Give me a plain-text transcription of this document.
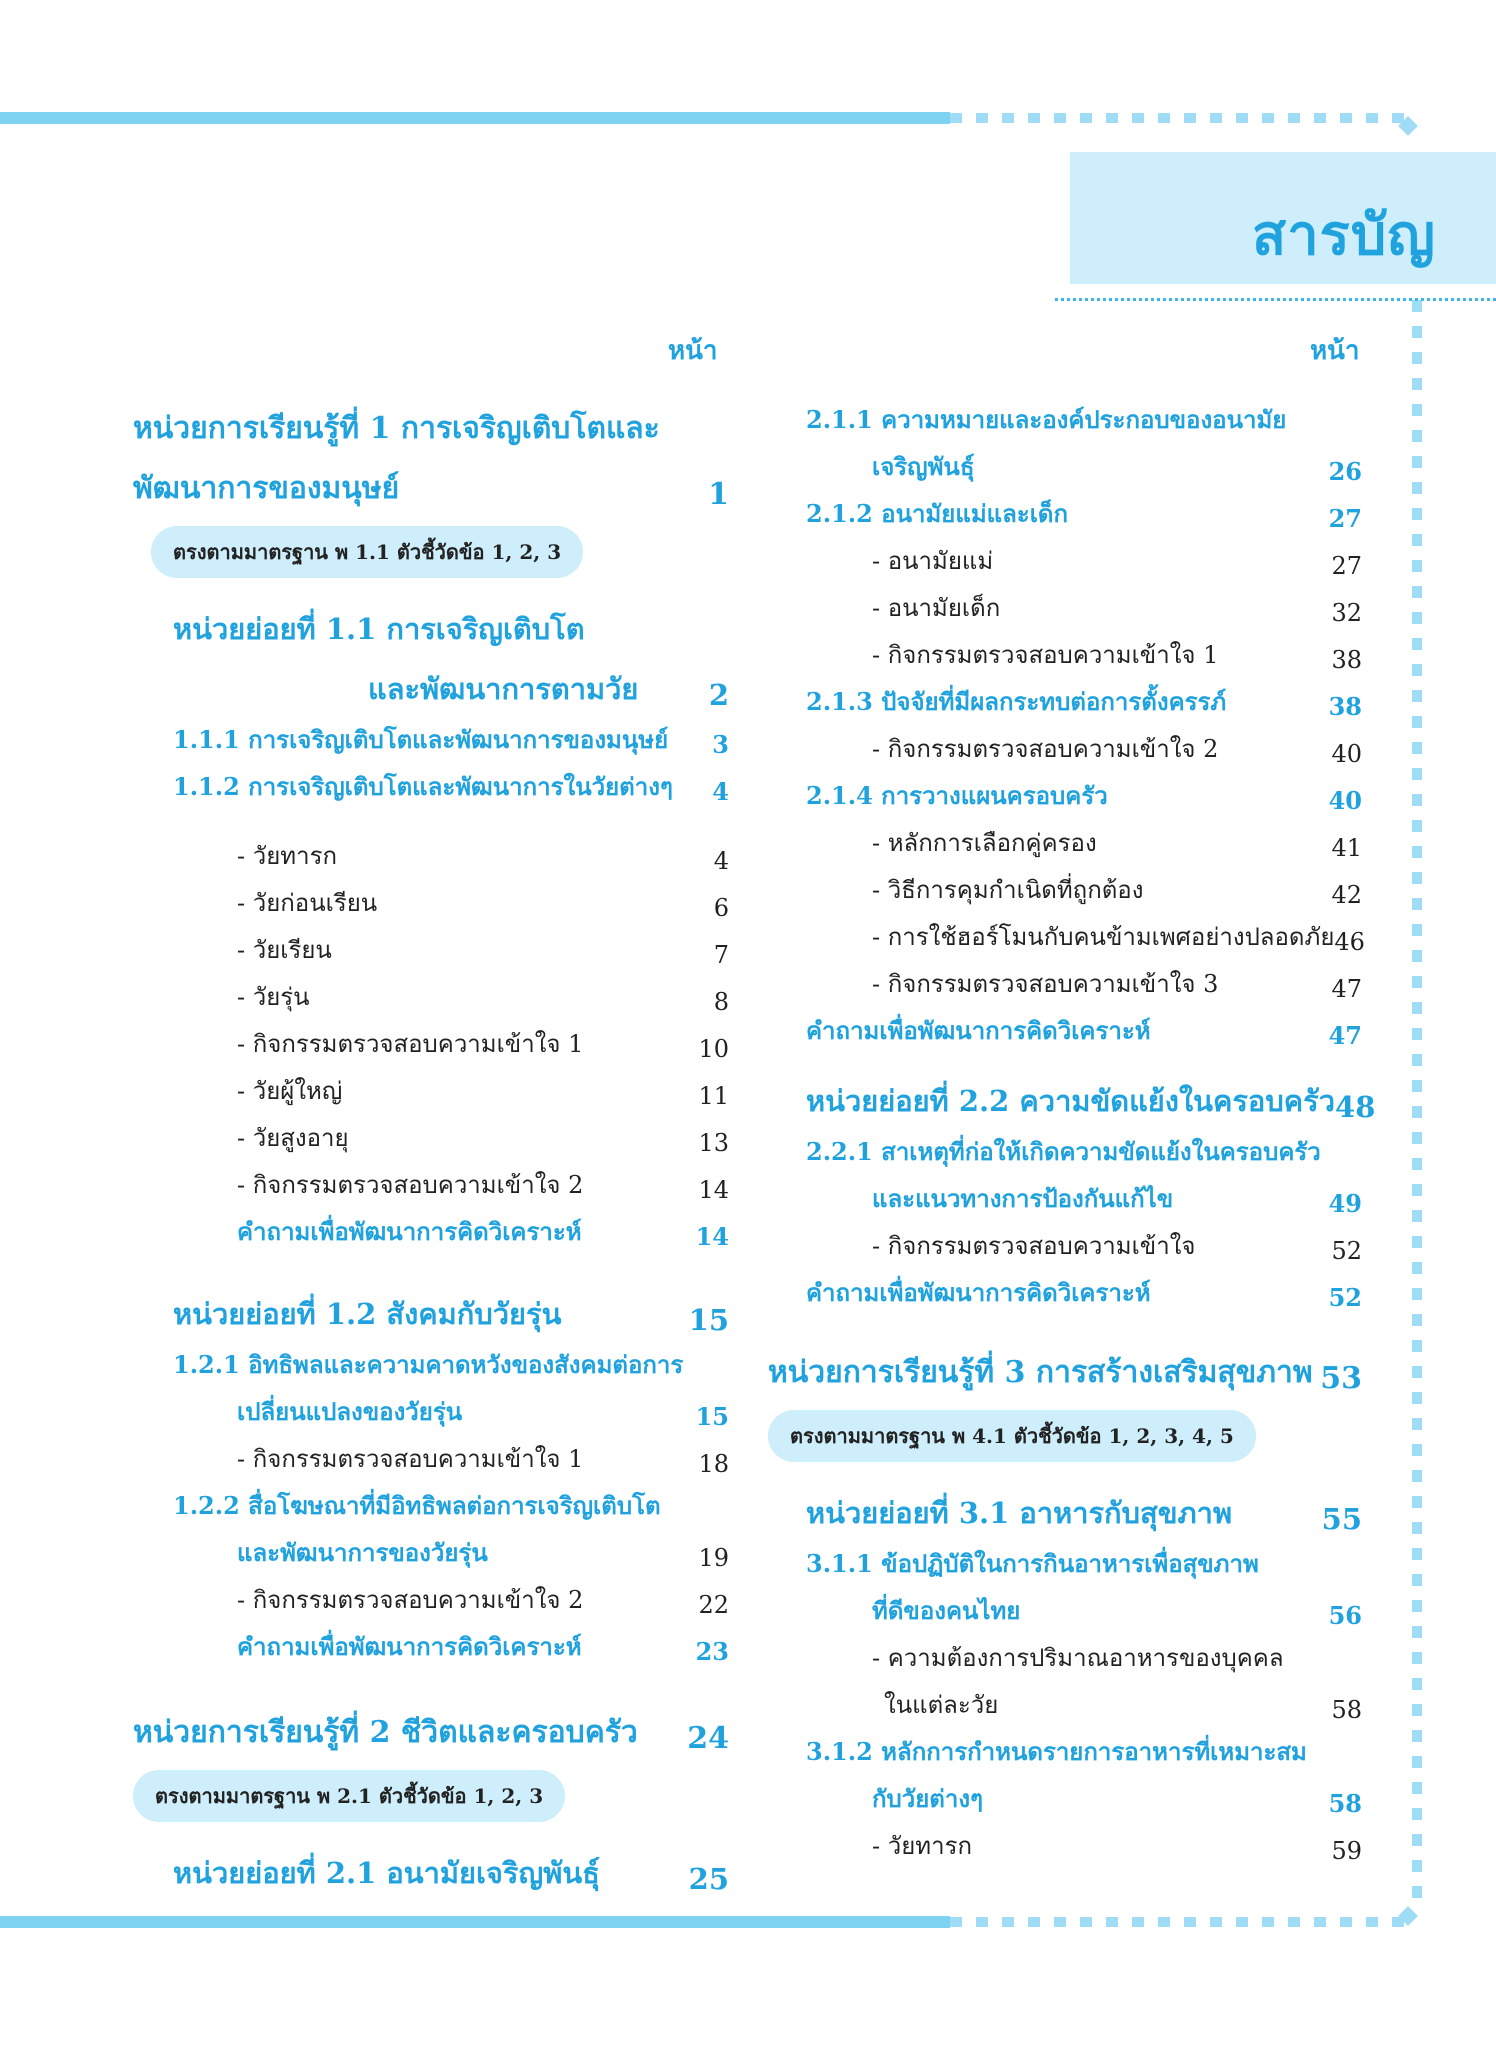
สารบัญ
หน้า	หน้า
หน่วยการเรียนรู้ที่ 1 การเจริญเติบโตและ
พัฒนาการของมนุษย์	1
ตรงตามมาตรฐาน พ 1.1 ตัวชี้วัดข้อ 1, 2, 3
หน่วยย่อยที่ 1.1 การเจริญเติบโต
และพัฒนาการตามวัย	2
1.1.1 การเจริญเติบโตและพัฒนาการของมนุษย์	3
1.1.2 การเจริญเติบโตและพัฒนาการในวัยต่างๆ	4
- วัยทารก	4
- วัยก่อนเรียน	6
- วัยเรียน	7
- วัยรุ่น	8
- กิจกรรมตรวจสอบความเข้าใจ 1	10
- วัยผู้ใหญ่	11
- วัยสูงอายุ	13
- กิจกรรมตรวจสอบความเข้าใจ 2	14
คำถามเพื่อพัฒนาการคิดวิเคราะห์	14
หน่วยย่อยที่ 1.2 สังคมกับวัยรุ่น	15
1.2.1 อิทธิพลและความคาดหวังของสังคมต่อการ
เปลี่ยนแปลงของวัยรุ่น	15
- กิจกรรมตรวจสอบความเข้าใจ 1	18
1.2.2 สื่อโฆษณาที่มีอิทธิพลต่อการเจริญเติบโต
และพัฒนาการของวัยรุ่น	19
- กิจกรรมตรวจสอบความเข้าใจ 2	22
คำถามเพื่อพัฒนาการคิดวิเคราะห์	23
หน่วยการเรียนรู้ที่ 2 ชีวิตและครอบครัว	24
ตรงตามมาตรฐาน พ 2.1 ตัวชี้วัดข้อ 1, 2, 3
หน่วยย่อยที่ 2.1 อนามัยเจริญพันธุ์	25
2.1.1 ความหมายและองค์ประกอบของอนามัย
เจริญพันธุ์	26
2.1.2 อนามัยแม่และเด็ก	27
- อนามัยแม่	27
- อนามัยเด็ก	32
- กิจกรรมตรวจสอบความเข้าใจ 1	38
2.1.3 ปัจจัยที่มีผลกระทบต่อการตั้งครรภ์	38
- กิจกรรมตรวจสอบความเข้าใจ 2	40
2.1.4 การวางแผนครอบครัว	40
- หลักการเลือกคู่ครอง	41
- วิธีการคุมกำเนิดที่ถูกต้อง	42
- การใช้ฮอร์โมนกับคนข้ามเพศอย่างปลอดภัย 46
- กิจกรรมตรวจสอบความเข้าใจ 3	47
คำถามเพื่อพัฒนาการคิดวิเคราะห์	47
หน่วยย่อยที่ 2.2 ความขัดแย้งในครอบครัว 48
2.2.1 สาเหตุที่ก่อให้เกิดความขัดแย้งในครอบครัว
และแนวทางการป้องกันแก้ไข	49
- กิจกรรมตรวจสอบความเข้าใจ	52
คำถามเพื่อพัฒนาการคิดวิเคราะห์	52
หน่วยการเรียนรู้ที่ 3 การสร้างเสริมสุขภาพ 53
ตรงตามมาตรฐาน พ 4.1 ตัวชี้วัดข้อ 1, 2, 3, 4, 5
หน่วยย่อยที่ 3.1 อาหารกับสุขภาพ	55
3.1.1 ข้อปฏิบัติในการกินอาหารเพื่อสุขภาพ
ที่ดีของคนไทย	56
- ความต้องการปริมาณอาหารของบุคคล
ในแต่ละวัย	58
3.1.2 หลักการกำหนดรายการอาหารที่เหมาะสม
กับวัยต่างๆ	58
- วัยทารก	59
